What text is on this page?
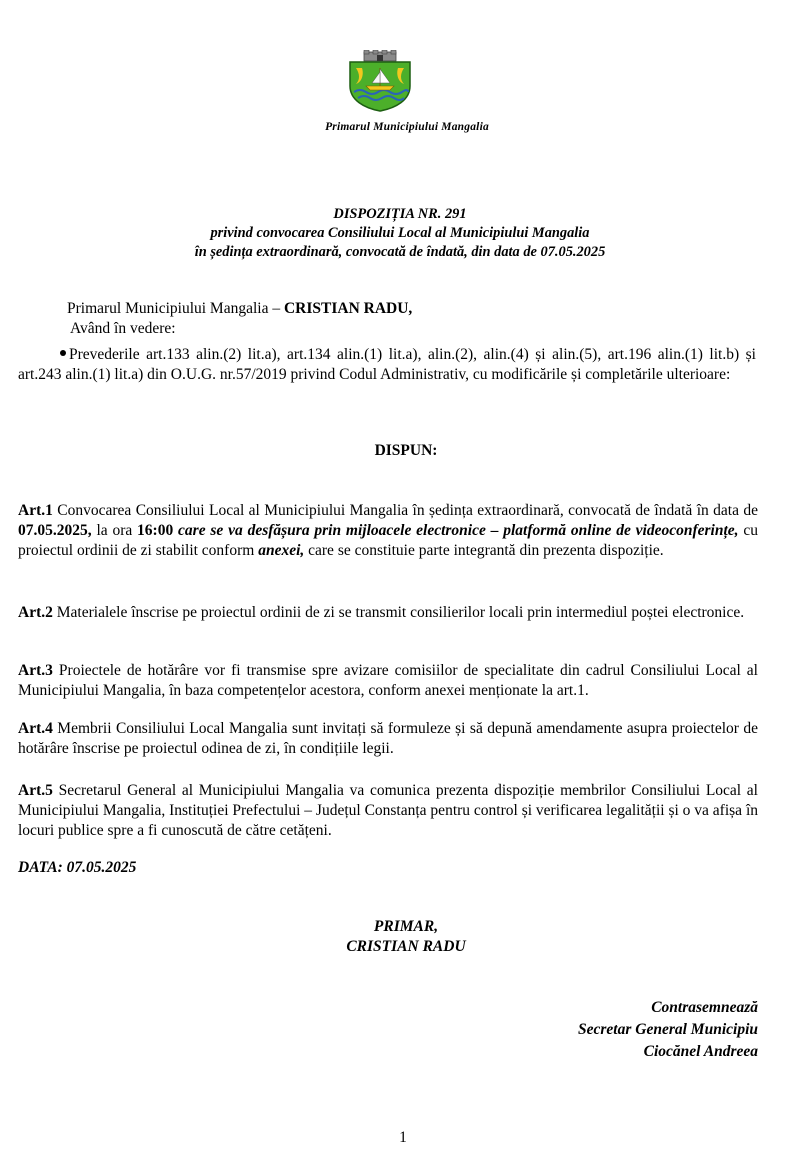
Primarul Municipiului Mangalia
DISPOZIȚIA NR. 291
privind convocarea Consiliului Local al Municipiului Mangalia
în ședința extraordinară, convocată de îndată, din data de 07.05.2025
Primarul Municipiului Mangalia – CRISTIAN RADU,
Având în vedere:
Prevederile art.133 alin.(2) lit.a), art.134 alin.(1) lit.a), alin.(2), alin.(4) și alin.(5), art.196 alin.(1) lit.b) și art.243 alin.(1) lit.a) din O.U.G. nr.57/2019 privind Codul Administrativ, cu modificările și completările ulterioare:
DISPUN:
Art.1 Convocarea Consiliului Local al Municipiului Mangalia în ședința extraordinară, convocată de îndată în data de 07.05.2025, la ora 16:00 care se va desfășura prin mijloacele electronice – platformă online de videoconferințe, cu proiectul ordinii de zi stabilit conform anexei, care se constituie parte integrantă din prezenta dispoziție.
Art.2 Materialele înscrise pe proiectul ordinii de zi se transmit consilierilor locali prin intermediul poștei electronice.
Art.3 Proiectele de hotărâre vor fi transmise spre avizare comisiilor de specialitate din cadrul Consiliului Local al Municipiului Mangalia, în baza competențelor acestora, conform anexei menționate la art.1.
Art.4 Membrii Consiliului Local Mangalia sunt invitați să formuleze și să depună amendamente asupra proiectelor de hotărâre înscrise pe proiectul odinea de zi, în condițiile legii.
Art.5 Secretarul General al Municipiului Mangalia va comunica prezenta dispoziție membrilor Consiliului Local al Municipiului Mangalia, Instituției Prefectului – Județul Constanța pentru control și verificarea legalității și o va afișa în locuri publice spre a fi cunoscută de către cetățeni.
DATA: 07.05.2025
PRIMAR,
CRISTIAN RADU
Contrasemnează
Secretar General Municipiu
Ciocănel Andreea
1
